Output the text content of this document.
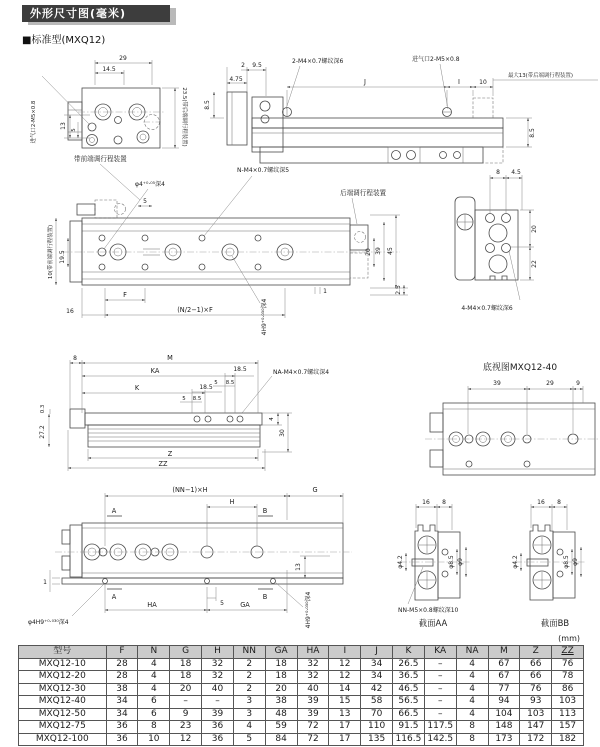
外形尺寸图(毫米)
■标准型(MXQ12)
29
14.5
13
5
进气口2-M5×0.8	23.5(带后端调行程装置)
2 9.5
4.75
2-M4×0.7螺纹深6
J
进气口2-M5×0.8
I	10
最大13(带后端调行程装置)
8.5
8.5
带前端调行程装置
φ4⁺⁰·⁰⁵深4
5
N-M4×0.7螺纹深5
后端调行程装置
10(带前端调行程装置) 19.5	20 39 45
2.5
1
F
(N/2−1)×F
16	4H9⁺⁰·⁰³⁰深4
8 4.5
20
22
4-M4×0.7螺纹深6
8	M
KA	18.5
5 8.5
K	18.5
5 8.5
NA-M4×0.7螺纹深4
0.3
27.2
4
30
Z
ZZ
底视图MXQ12-40
39	29	9
(NN−1)×H	G
H
A
A
B
B
1
13
5
HA	GA
φ4H9⁺⁰·⁰³⁰深4	4H9⁺⁰·⁰³⁰深4
16 8
φ4.2	φ8.5 φ9
NN-M5×0.8螺纹深10
截面AA
16 8
φ4.2	φ8.5 φ9
截面BB
(mm)
型号	F	N	G	H	NN	GA	HA	I	J	K	KA	NA	M	Z	ZZ
MXQ12-10	28	4	18	32	2	18	32	12	34	26.5	–	4	67	66	76
MXQ12-20	28	4	18	32	2	18	32	12	34	36.5	–	4	67	66	78
MXQ12-30	38	4	20	40	2	20	40	14	42	46.5	–	4	77	76	86
MXQ12-40	34	6	–	–	3	38	39	15	58	56.5	–	4	94	93	103
MXQ12-50	34	6	9	39	3	48	39	13	70	66.5	–	4	104	103	113
MXQ12-75	36	8	23	36	4	59	72	17	110	91.5	117.5	8	148	147	157
MXQ12-100	36	10	12	36	5	84	72	17	135	116.5	142.5	8	173	172	182
